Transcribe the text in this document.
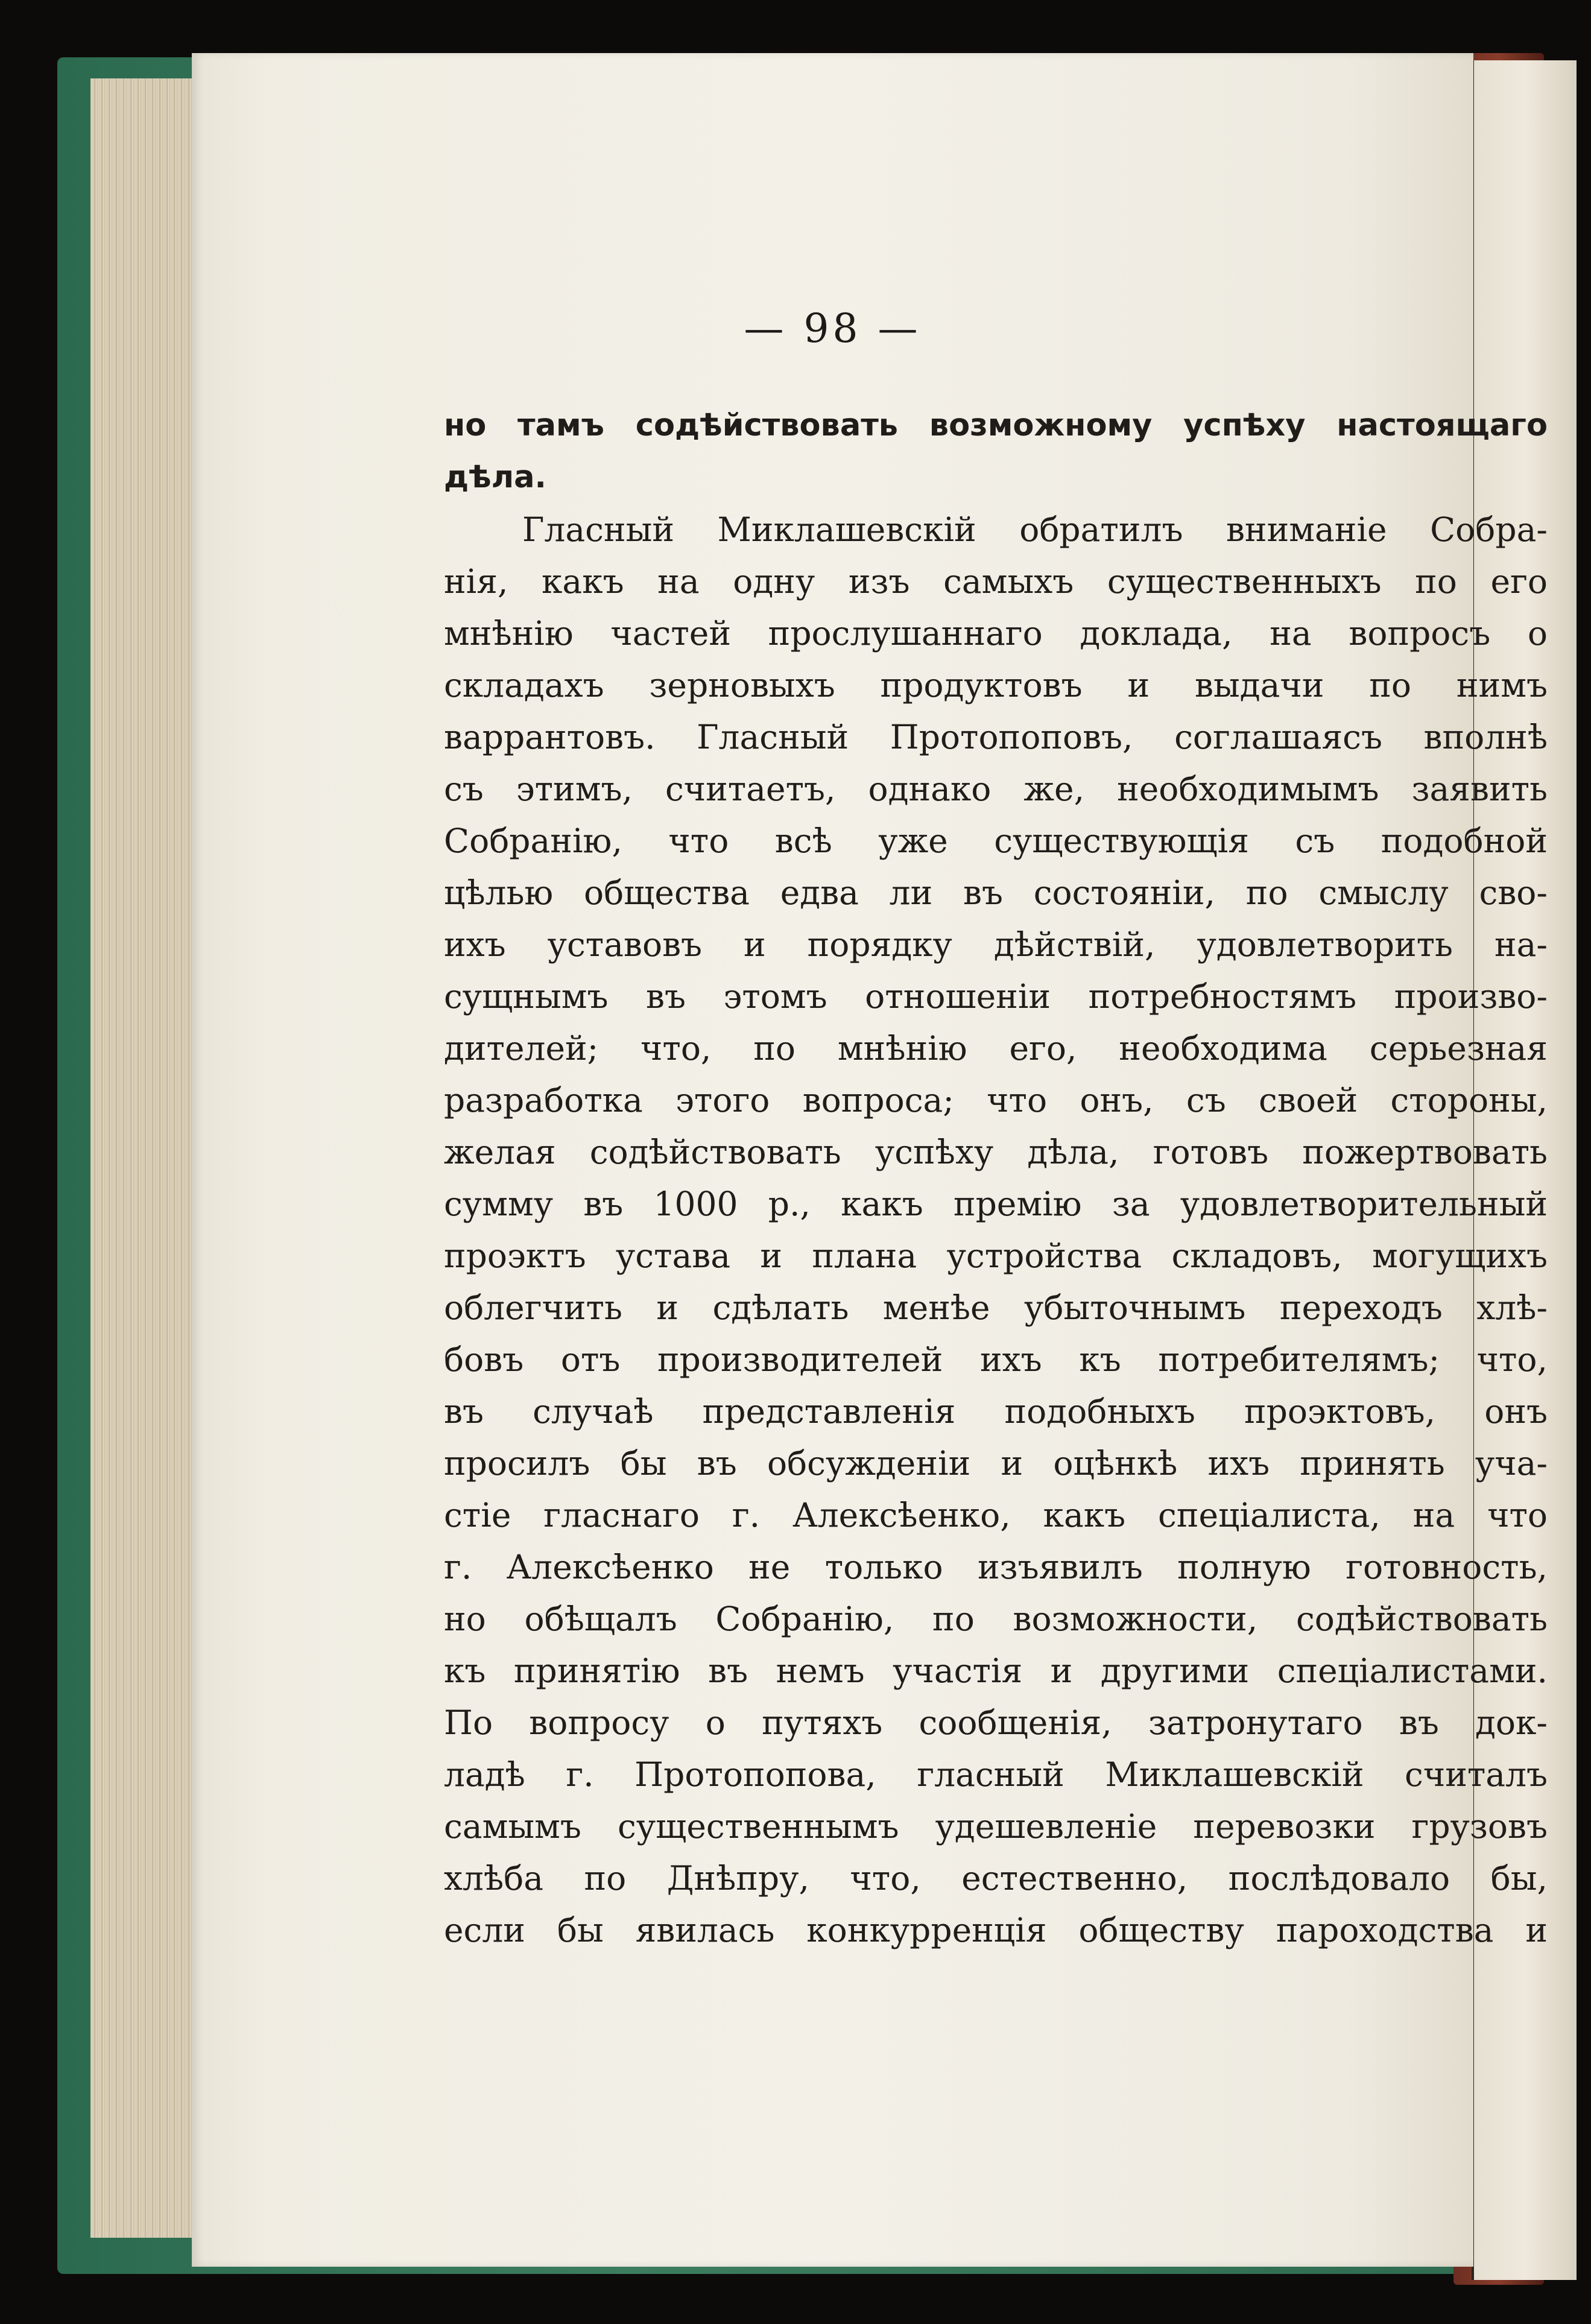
— 98 —
но тамъ содѣйствовать возможному успѣху настоящаго
дѣла.
Гласный Миклашевскій обратилъ вниманіе Собра-
нія, какъ на одну изъ самыхъ существенныхъ по его
мнѣнію частей прослушаннаго доклада, на вопросъ о
складахъ зерновыхъ продуктовъ и выдачи по нимъ
варрантовъ. Гласный Протопоповъ, соглашаясъ вполнѣ
съ этимъ, считаетъ, однако же, необходимымъ заявить
Собранію, что всѣ уже существующія съ подобной
цѣлью общества едва ли въ состояніи, по смыслу сво-
ихъ уставовъ и порядку дѣйствій, удовлетворить на-
сущнымъ въ этомъ отношеніи потребностямъ произво-
дителей; что, по мнѣнію его, необходима серьезная
разработка этого вопроса; что онъ, съ своей стороны,
желая содѣйствовать успѣху дѣла, готовъ пожертвовать
сумму въ 1000 р., какъ премію за удовлетворительный
проэктъ устава и плана устройства складовъ, могущихъ
облегчить и сдѣлать менѣе убыточнымъ переходъ хлѣ-
бовъ отъ производителей ихъ къ потребителямъ; что,
въ случаѣ представленія подобныхъ проэктовъ, онъ
просилъ бы въ обсужденіи и оцѣнкѣ ихъ принять уча-
стіе гласнаго г. Алексѣенко, какъ спеціалиста, на что
г. Алексѣенко не только изъявилъ полную готовность,
но обѣщалъ Собранію, по возможности, содѣйствовать
къ принятію въ немъ участія и другими спеціалистами.
По вопросу о путяхъ сообщенія, затронутаго въ док-
ладѣ г. Протопопова, гласный Миклашевскій считалъ
самымъ существеннымъ удешевленіе перевозки грузовъ
хлѣба по Днѣпру, что, естественно, послѣдовало бы,
если бы явилась конкурренція обществу пароходства и
